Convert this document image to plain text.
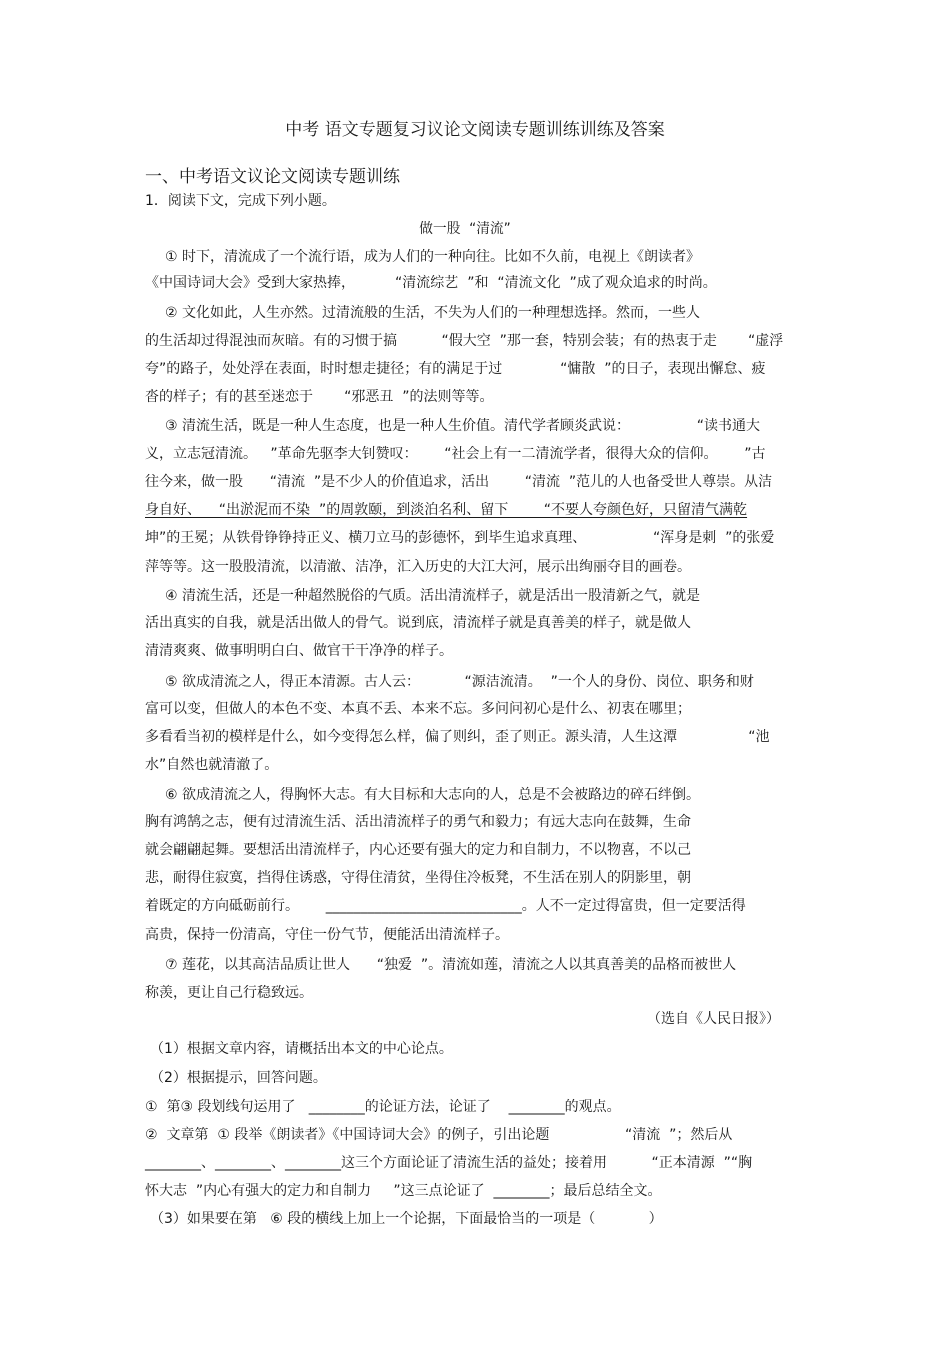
中考 语文专题复习议论文阅读专题训练训练及答案
一、中考语文议论文阅读专题训练
1．阅读下文，完成下列小题。
做一股  “清流”
① 时下，清流成了一个流行语，成为人们的一种向往。比如不久前，电视上《朗读者》
《中国诗词大会》受到大家热捧，         “清流综艺  ”和  “清流文化  ”成了观众追求的时尚。
② 文化如此，人生亦然。过清流般的生活，不失为人们的一种理想选择。然而，一些人
的生活却过得混浊而灰暗。有的习惯于搞          “假大空  ”那一套，特别会装；有的热衷于走       “虚浮
夸”的路子，处处浮在表面，时时想走捷径；有的满足于过             “慵散  ”的日子，表现出懈怠、疲
沓的样子；有的甚至迷恋于       “邪恶丑  ”的法则等等。
③ 清流生活，既是一种人生态度，也是一种人生价值。清代学者顾炎武说：               “读书通大
义，立志冠清流。   ”革命先驱李大钊赞叹：      “社会上有一二清流学者，很得大众的信仰。      ”古
往今来，做一股      “清流  ”是不少人的价值追求，活出        “清流  ”范儿的人也备受世人尊崇。从洁
身自好、    “出淤泥而不染  ”的周敦颐，到淡泊名利、留下        “不要人夸颜色好，只留清气满乾
坤”的王冕；从铁骨铮铮持正义、横刀立马的彭德怀，到毕生追求真理、               “浑身是刺  ”的张爱
萍等等。这一股股清流，以清澈、洁净，汇入历史的大江大河，展示出绚丽夺目的画卷。
④ 清流生活，还是一种超然脱俗的气质。活出清流样子，就是活出一股清新之气，就是
活出真实的自我，就是活出做人的骨气。说到底，清流样子就是真善美的样子，就是做人
清清爽爽、做事明明白白、做官干干净净的样子。
⑤ 欲成清流之人，得正本清源。古人云：          “源洁流清。  ”一个人的身份、岗位、职务和财
富可以变，但做人的本色不变、本真不丢、本来不忘。多问问初心是什么、初衷在哪里；
多看看当初的模样是什么，如今变得怎么样，偏了则纠，歪了则正。源头清，人生这潭                “池
水”自然也就清澈了。
⑥ 欲成清流之人，得胸怀大志。有大目标和大志向的人，总是不会被路边的碎石绊倒。
胸有鸿鹄之志，便有过清流生活、活出清流样子的勇气和毅力；有远大志向在鼓舞，生命
就会翩翩起舞。要想活出清流样子，内心还要有强大的定力和自制力，不以物喜，不以己
悲，耐得住寂寞，挡得住诱惑，守得住清贫，坐得住冷板凳，不生活在别人的阴影里，朝
着既定的方向砥砺前行。      ____________________________。人不一定过得富贵，但一定要活得
高贵，保持一份清高，守住一份气节，便能活出清流样子。
⑦ 莲花，以其高洁品质让世人      “独爱  ”。清流如莲，清流之人以其真善美的品格而被世人
称羡，更让自己行稳致远。
（选自《人民日报》）
（1）根据文章内容，请概括出本文的中心论点。
（2）根据提示，回答问题。
①  第③ 段划线句运用了   ________的论证方法，论证了    ________的观点。
②  文章第  ① 段举《朗读者》《中国诗词大会》的例子，引出论题                 “清流  ”；然后从
________、________、________这三个方面论证了清流生活的益处；接着用          “正本清源  ”“胸
怀大志  ”内心有强大的定力和自制力     ”这三点论证了  ________；最后总结全文。
（3）如果要在第   ⑥ 段的横线上加上一个论据，下面最恰当的一项是（            ）
